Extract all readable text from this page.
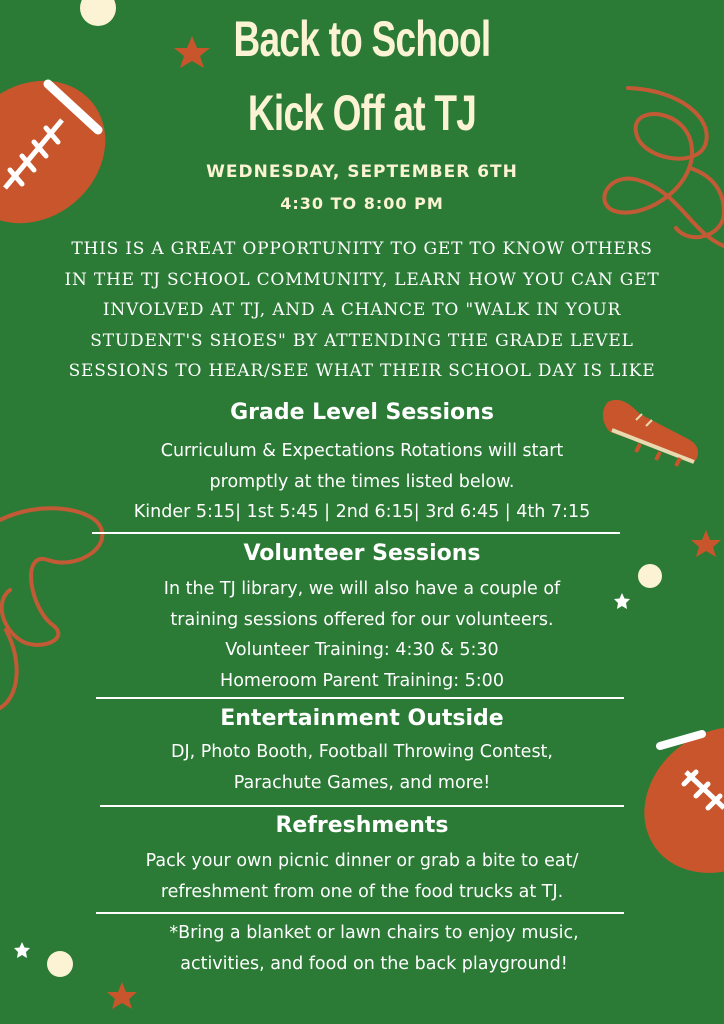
Back to School
Kick Off at TJ
WEDNESDAY, SEPTEMBER 6TH
4:30 TO 8:00 PM
THIS IS A GREAT OPPORTUNITY TO GET TO KNOW OTHERS
IN THE TJ SCHOOL COMMUNITY, LEARN HOW YOU CAN GET
INVOLVED AT TJ, AND A CHANCE TO "WALK IN YOUR
STUDENT'S SHOES" BY ATTENDING THE GRADE LEVEL
SESSIONS TO HEAR/SEE WHAT THEIR SCHOOL DAY IS LIKE
Grade Level Sessions
Curriculum & Expectations Rotations will start
promptly at the times listed below.
Kinder 5:15| 1st 5:45 | 2nd 6:15| 3rd 6:45 | 4th 7:15
Volunteer Sessions
In the TJ library, we will also have a couple of
training sessions offered for our volunteers.
Volunteer Training: 4:30 & 5:30
Homeroom Parent Training: 5:00
Entertainment Outside
DJ, Photo Booth, Football Throwing Contest,
Parachute Games, and more!
Refreshments
Pack your own picnic dinner or grab a bite to eat/
refreshment from one of the food trucks at TJ.
*Bring a blanket or lawn chairs to enjoy music,
activities, and food on the back playground!
